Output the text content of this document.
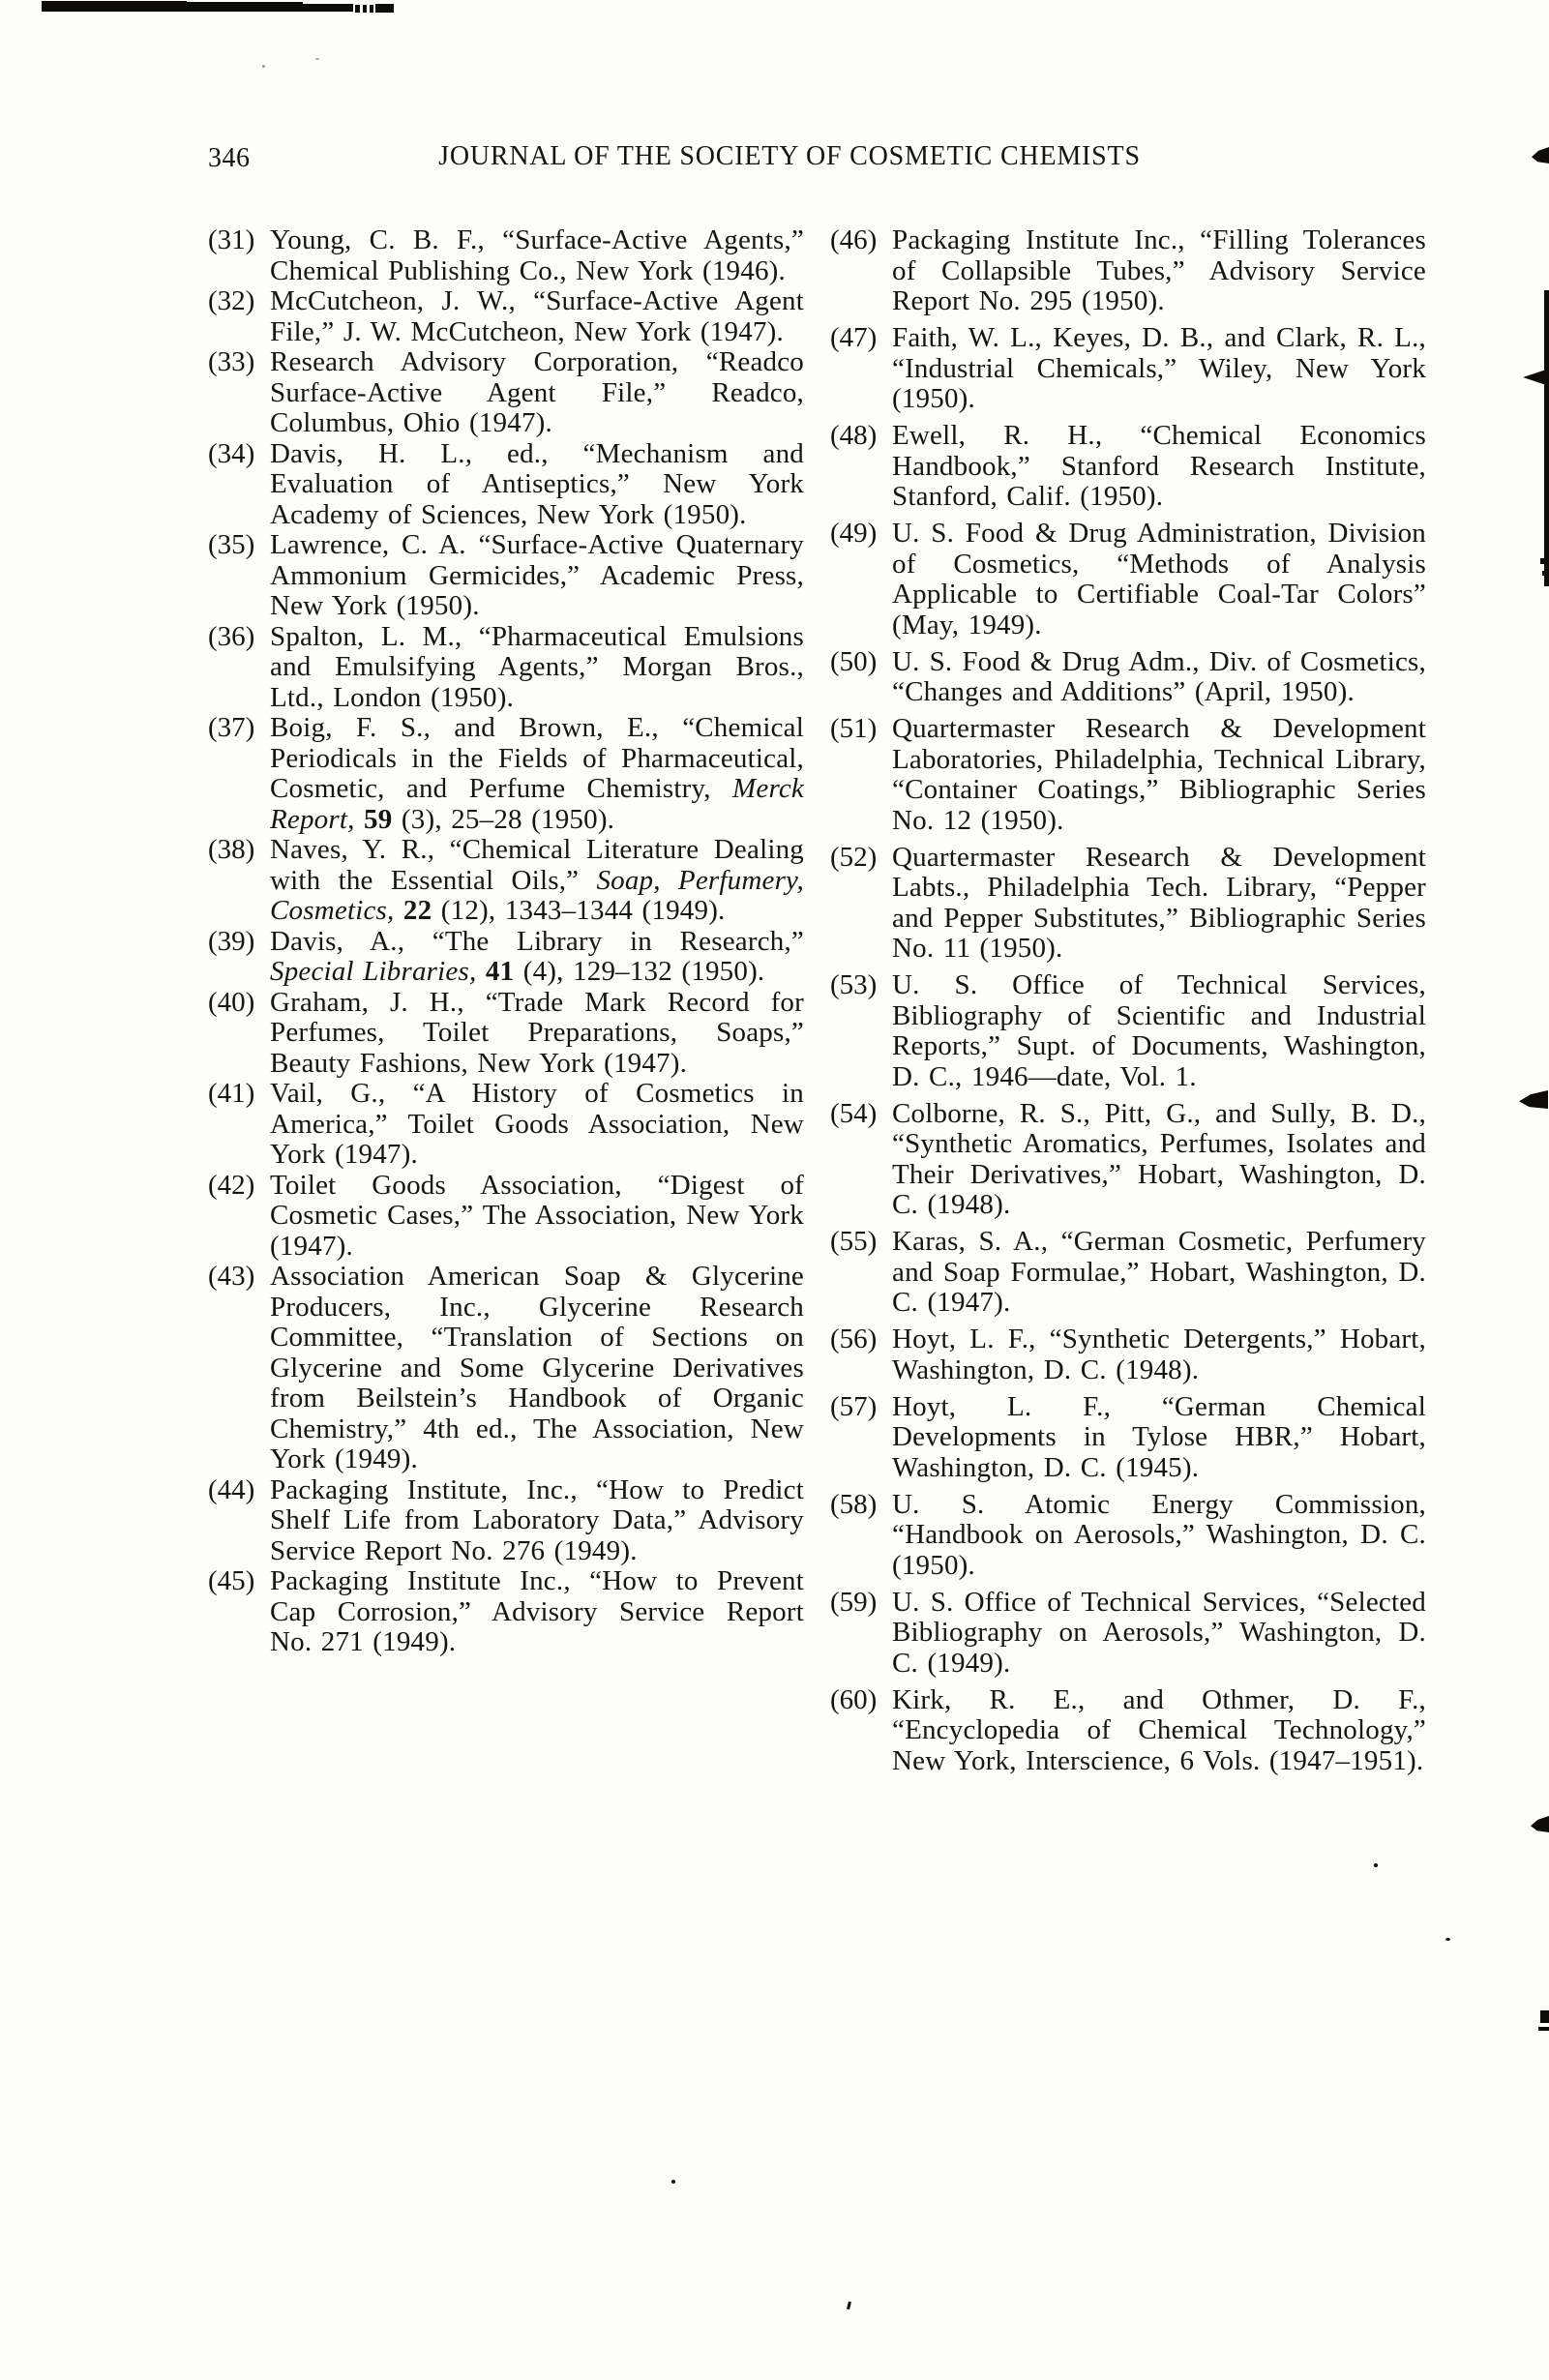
346	JOURNAL OF THE SOCIETY OF COSMETIC CHEMISTS
(31) Young, C. B. F., “Surface-Active Agents,” Chemical Publishing Co., New York (1946).
(32) McCutcheon, J. W., “Surface-Active Agent File,” J. W. McCutcheon, New York (1947).
(33) Research Advisory Corporation, “Readco Surface-Active Agent File,” Readco, Columbus, Ohio (1947).
(34) Davis, H. L., ed., “Mechanism and Evaluation of Antiseptics,” New York Academy of Sciences, New York (1950).
(35) Lawrence, C. A. “Surface-Active Quaternary Ammonium Germicides,” Academic Press, New York (1950).
(36) Spalton, L. M., “Pharmaceutical Emulsions and Emulsifying Agents,” Morgan Bros., Ltd., London (1950).
(37) Boig, F. S., and Brown, E., “Chemical Periodicals in the Fields of Pharmaceutical, Cosmetic, and Perfume Chemistry, Merck Report, 59 (3), 25–28 (1950).
(38) Naves, Y. R., “Chemical Literature Dealing with the Essential Oils,” Soap, Perfumery, Cosmetics, 22 (12), 1343–1344 (1949).
(39) Davis, A., “The Library in Research,” Special Libraries, 41 (4), 129–132 (1950).
(40) Graham, J. H., “Trade Mark Record for Perfumes, Toilet Preparations, Soaps,” Beauty Fashions, New York (1947).
(41) Vail, G., “A History of Cosmetics in America,” Toilet Goods Association, New York (1947).
(42) Toilet Goods Association, “Digest of Cosmetic Cases,” The Association, New York (1947).
(43) Association American Soap & Glycerine Producers, Inc., Glycerine Research Committee, “Translation of Sections on Glycerine and Some Glycerine Derivatives from Beilstein’s Handbook of Organic Chemistry,” 4th ed., The Association, New York (1949).
(44) Packaging Institute, Inc., “How to Predict Shelf Life from Laboratory Data,” Advisory Service Report No. 276 (1949).
(45) Packaging Institute Inc., “How to Prevent Cap Corrosion,” Advisory Service Report No. 271 (1949).
(46) Packaging Institute Inc., “Filling Tolerances of Collapsible Tubes,” Advisory Service Report No. 295 (1950).
(47) Faith, W. L., Keyes, D. B., and Clark, R. L., “Industrial Chemicals,” Wiley, New York (1950).
(48) Ewell, R. H., “Chemical Economics Handbook,” Stanford Research Institute, Stanford, Calif. (1950).
(49) U. S. Food & Drug Administration, Division of Cosmetics, “Methods of Analysis Applicable to Certifiable Coal-Tar Colors” (May, 1949).
(50) U. S. Food & Drug Adm., Div. of Cosmetics, “Changes and Additions” (April, 1950).
(51) Quartermaster Research & Development Laboratories, Philadelphia, Technical Library, “Container Coatings,” Bibliographic Series No. 12 (1950).
(52) Quartermaster Research & Development Labts., Philadelphia Tech. Library, “Pepper and Pepper Substitutes,” Bibliographic Series No. 11 (1950).
(53) U. S. Office of Technical Services, Bibliography of Scientific and Industrial Reports,” Supt. of Documents, Washington, D. C., 1946—date, Vol. 1.
(54) Colborne, R. S., Pitt, G., and Sully, B. D., “Synthetic Aromatics, Perfumes, Isolates and Their Derivatives,” Hobart, Washington, D. C. (1948).
(55) Karas, S. A., “German Cosmetic, Perfumery and Soap Formulae,” Hobart, Washington, D. C. (1947).
(56) Hoyt, L. F., “Synthetic Detergents,” Hobart, Washington, D. C. (1948).
(57) Hoyt, L. F., “German Chemical Developments in Tylose HBR,” Hobart, Washington, D. C. (1945).
(58) U. S. Atomic Energy Commission, “Handbook on Aerosols,” Washington, D. C. (1950).
(59) U. S. Office of Technical Services, “Selected Bibliography on Aerosols,” Washington, D. C. (1949).
(60) Kirk, R. E., and Othmer, D. F., “Encyclopedia of Chemical Technology,” New York, Interscience, 6 Vols. (1947–1951).
